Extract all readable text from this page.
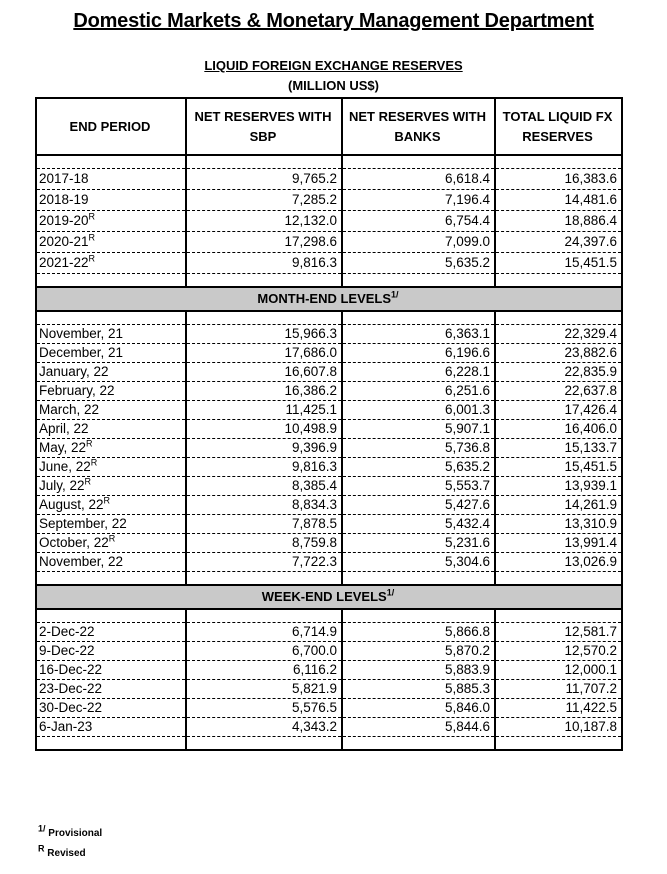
Domestic Markets & Monetary Management Department
LIQUID FOREIGN EXCHANGE RESERVES
(MILLION US$)
END PERIOD	NET RESERVES WITH SBP	NET RESERVES WITH BANKS	TOTAL LIQUID FX RESERVES

2017-18	9,765.2	6,618.4	16,383.6
2018-19	7,285.2	7,196.4	14,481.6
$2019-20^R$	12,132.0	6,754.4	18,886.4
$2020-21^R$	17,298.6	7,099.0	24,397.6
$2021-22^R$	9,816.3	5,635.2	15,451.5

MONTH-END $LEVELS^{1/}$

November, 21	15,966.3	6,363.1	22,329.4
December, 21	17,686.0	6,196.6	23,882.6
January, 22	16,607.8	6,228.1	22,835.9
February, 22	16,386.2	6,251.6	22,637.8
March, 22	11,425.1	6,001.3	17,426.4
April, 22	10,498.9	5,907.1	16,406.0
May, $22^R$	9,396.9	5,736.8	15,133.7
June, $22^R$	9,816.3	5,635.2	15,451.5
July, $22^R$	8,385.4	5,553.7	13,939.1
August, $22^R$	8,834.3	5,427.6	14,261.9
September, 22	7,878.5	5,432.4	13,310.9
October, $22^R$	8,759.8	5,231.6	13,991.4
November, 22	7,722.3	5,304.6	13,026.9

WEEK-END $LEVELS^{1/}$

2-Dec-22	6,714.9	5,866.8	12,581.7
9-Dec-22	6,700.0	5,870.2	12,570.2
16-Dec-22	6,116.2	5,883.9	12,000.1
23-Dec-22	5,821.9	5,885.3	11,707.2
30-Dec-22	5,576.5	5,846.0	11,422.5
6-Jan-23	4,343.2	5,844.6	10,187.8

$^{1/}$ Provisional
$^R$ Revised
